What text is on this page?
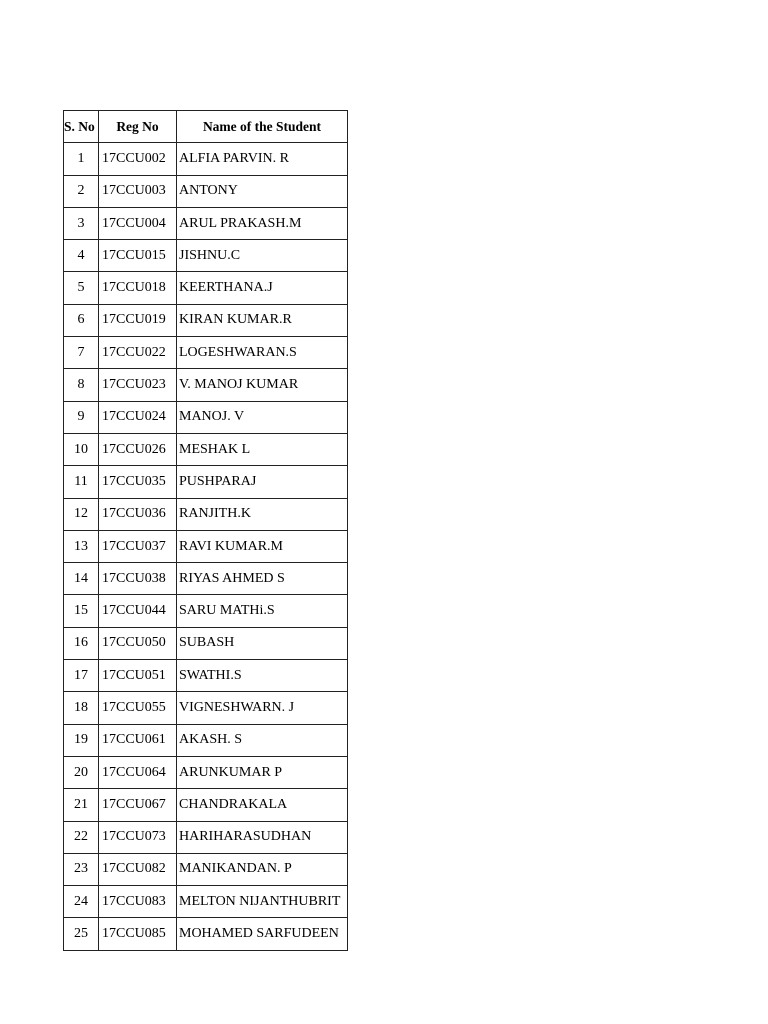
S. No	Reg No	Name of the Student
1	17CCU002	ALFIA PARVIN. R
2	17CCU003	ANTONY
3	17CCU004	ARUL PRAKASH.M
4	17CCU015	JISHNU.C
5	17CCU018	KEERTHANA.J
6	17CCU019	KIRAN KUMAR.R
7	17CCU022	LOGESHWARAN.S
8	17CCU023	V. MANOJ KUMAR
9	17CCU024	MANOJ. V
10	17CCU026	MESHAK L
11	17CCU035	PUSHPARAJ
12	17CCU036	RANJITH.K
13	17CCU037	RAVI KUMAR.M
14	17CCU038	RIYAS AHMED S
15	17CCU044	SARU MATHi.S
16	17CCU050	SUBASH
17	17CCU051	SWATHI.S
18	17CCU055	VIGNESHWARN. J
19	17CCU061	AKASH. S
20	17CCU064	ARUNKUMAR P
21	17CCU067	CHANDRAKALA
22	17CCU073	HARIHARASUDHAN
23	17CCU082	MANIKANDAN. P
24	17CCU083	MELTON NIJANTHUBRIT
25	17CCU085	MOHAMED SARFUDEEN
